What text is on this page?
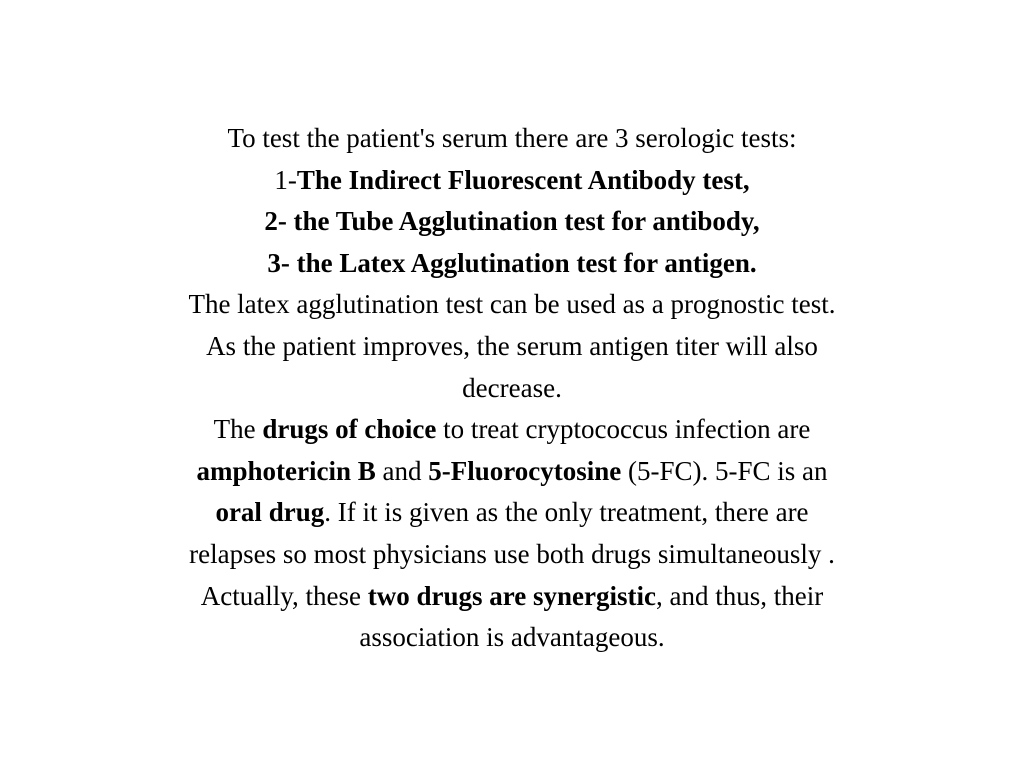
To test the patient's serum there are 3 serologic tests:
1-The Indirect Fluorescent Antibody test,
2- the Tube Agglutination test for antibody,
3- the Latex Agglutination test for antigen.
The latex agglutination test can be used as a prognostic test.
As the patient improves, the serum antigen titer will also
decrease.
The drugs of choice to treat cryptococcus infection are
amphotericin B and 5-Fluorocytosine (5-FC). 5-FC is an
oral drug. If it is given as the only treatment, there are
relapses so most physicians use both drugs simultaneously .
Actually, these two drugs are synergistic, and thus, their
association is advantageous.
